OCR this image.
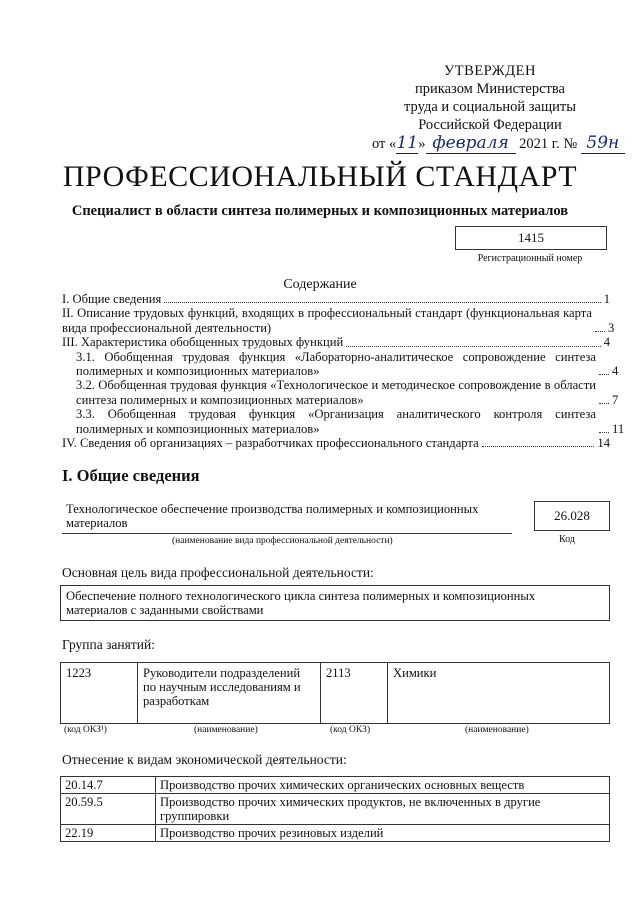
УТВЕРЖДЕН
приказом Министерства
труда и социальной защиты
Российской Федерации
от «11» февраля 2021 г. № 59н
ПРОФЕССИОНАЛЬНЫЙ СТАНДАРТ
Специалист в области синтеза полимерных и композиционных материалов
1415
Регистрационный номер
Содержание
I. Общие сведения	1
II. Описание трудовых функций, входящих в профессиональный стандарт (функциональная карта вида профессиональной деятельности)	3
III. Характеристика обобщенных трудовых функций	4
3.1. Обобщенная трудовая функция «Лабораторно-аналитическое сопровождение синтеза полимерных и композиционных материалов»	4
3.2. Обобщенная трудовая функция «Технологическое и методическое сопровождение в области синтеза полимерных и композиционных материалов»	7
3.3. Обобщенная трудовая функция «Организация аналитического контроля синтеза полимерных и композиционных материалов»	11
IV. Сведения об организациях – разработчиках профессионального стандарта	14
I. Общие сведения
Технологическое обеспечение производства полимерных и композиционных материалов
(наименование вида профессиональной деятельности)
26.028
Код
Основная цель вида профессиональной деятельности:
Обеспечение полного технологического цикла синтеза полимерных и композиционных материалов с заданными свойствами
Группа занятий:
1223	Руководители подразделений по научным исследованиям и разработкам	2113	Химики
(код ОКЗ¹)	(наименование)	(код ОКЗ)	(наименование)
Отнесение к видам экономической деятельности:
20.14.7	Производство прочих химических органических основных веществ
20.59.5	Производство прочих химических продуктов, не включенных в другие группировки
22.19	Производство прочих резиновых изделий
